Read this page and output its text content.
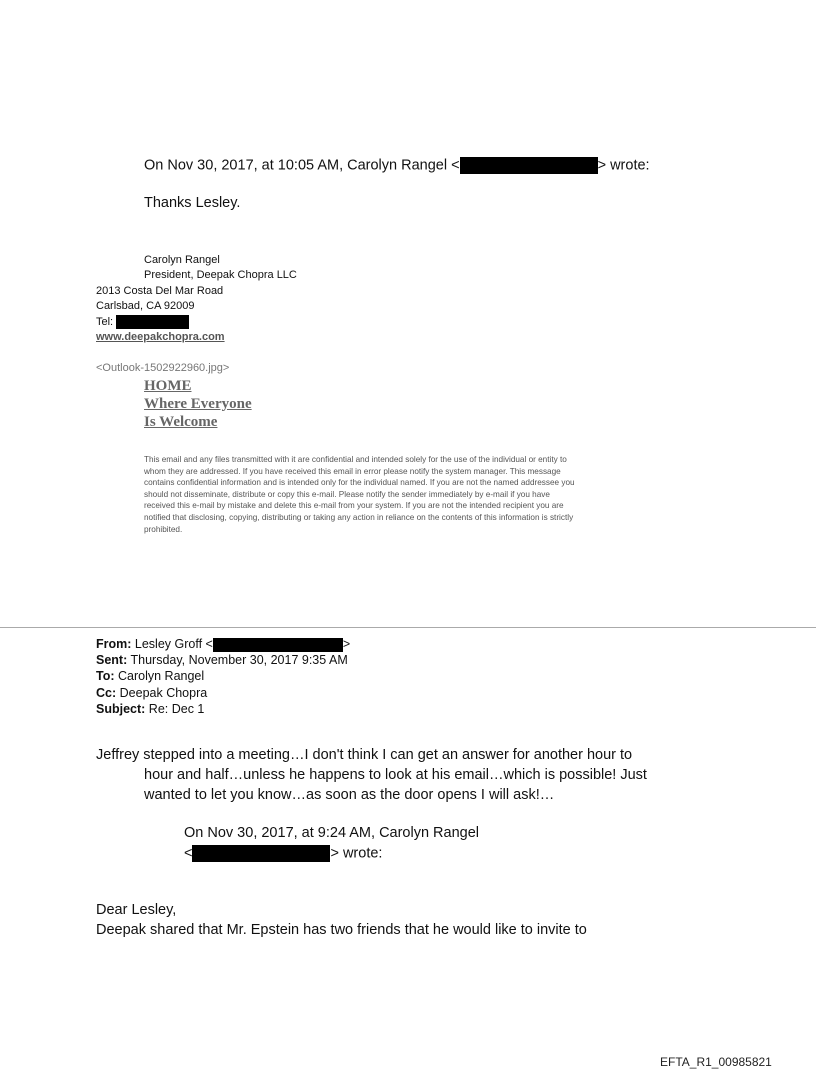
On Nov 30, 2017, at 10:05 AM, Carolyn Rangel <	> wrote:
Thanks Lesley.
Carolyn Rangel
President, Deepak Chopra LLC
2013 Costa Del Mar Road
Carlsbad, CA 92009
Tel:
www.deepakchopra.com
<Outlook-1502922960.jpg>
HOME
Where Everyone
Is Welcome
This email and any files transmitted with it are confidential and intended solely for the use of the individual or entity to
whom they are addressed. If you have received this email in error please notify the system manager. This message
contains confidential information and is intended only for the individual named. If you are not the named addressee you
should not disseminate, distribute or copy this e-mail. Please notify the sender immediately by e-mail if you have
received this e-mail by mistake and delete this e-mail from your system. If you are not the intended recipient you are
notified that disclosing, copying, distributing or taking any action in reliance on the contents of this information is strictly
prohibited.
From: Lesley Groff <	>
Sent: Thursday, November 30, 2017 9:35 AM
To: Carolyn Rangel
Cc: Deepak Chopra
Subject: Re: Dec 1
Jeffrey stepped into a meeting…I don't think I can get an answer for another hour to
hour and half…unless he happens to look at his email…which is possible! Just
wanted to let you know…as soon as the door opens I will ask!…
On Nov 30, 2017, at 9:24 AM, Carolyn Rangel
<	> wrote:
Dear Lesley,
Deepak shared that Mr. Epstein has two friends that he would like to invite to
EFTA_R1_00985821
